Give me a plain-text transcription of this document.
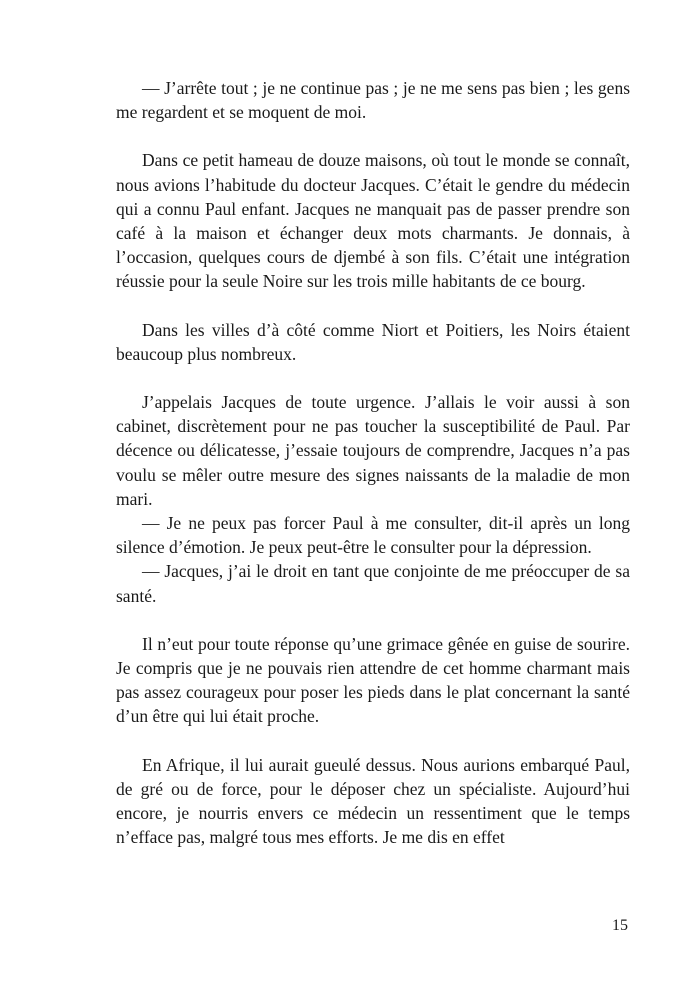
— J’arrête tout ; je ne continue pas ; je ne me sens pas bien ; les gens me regardent et se moquent de moi.

Dans ce petit hameau de douze maisons, où tout le monde se connaît, nous avions l’habitude du docteur Jacques. C’était le gendre du médecin qui a connu Paul enfant. Jacques ne manquait pas de passer prendre son café à la maison et échanger deux mots charmants. Je donnais, à l’occasion, quelques cours de djembé à son fils. C’était une intégration réussie pour la seule Noire sur les trois mille habitants de ce bourg.

Dans les villes d’à côté comme Niort et Poitiers, les Noirs étaient beaucoup plus nombreux.

J’appelais Jacques de toute urgence. J’allais le voir aussi à son cabinet, discrètement pour ne pas toucher la susceptibilité de Paul. Par décence ou délicatesse, j’essaie toujours de comprendre, Jacques n’a pas voulu se mêler outre mesure des signes naissants de la maladie de mon mari.

— Je ne peux pas forcer Paul à me consulter, dit-il après un long silence d’émotion. Je peux peut-être le consulter pour la dépression.

— Jacques, j’ai le droit en tant que conjointe de me préoccuper de sa santé.

Il n’eut pour toute réponse qu’une grimace gênée en guise de sourire. Je compris que je ne pouvais rien attendre de cet homme charmant mais pas assez courageux pour poser les pieds dans le plat concernant la santé d’un être qui lui était proche.

En Afrique, il lui aurait gueulé dessus. Nous aurions embarqué Paul, de gré ou de force, pour le déposer chez un spécialiste. Aujourd’hui encore, je nourris envers ce médecin un ressentiment que le temps n’efface pas, malgré tous mes efforts. Je me dis en effet

15
